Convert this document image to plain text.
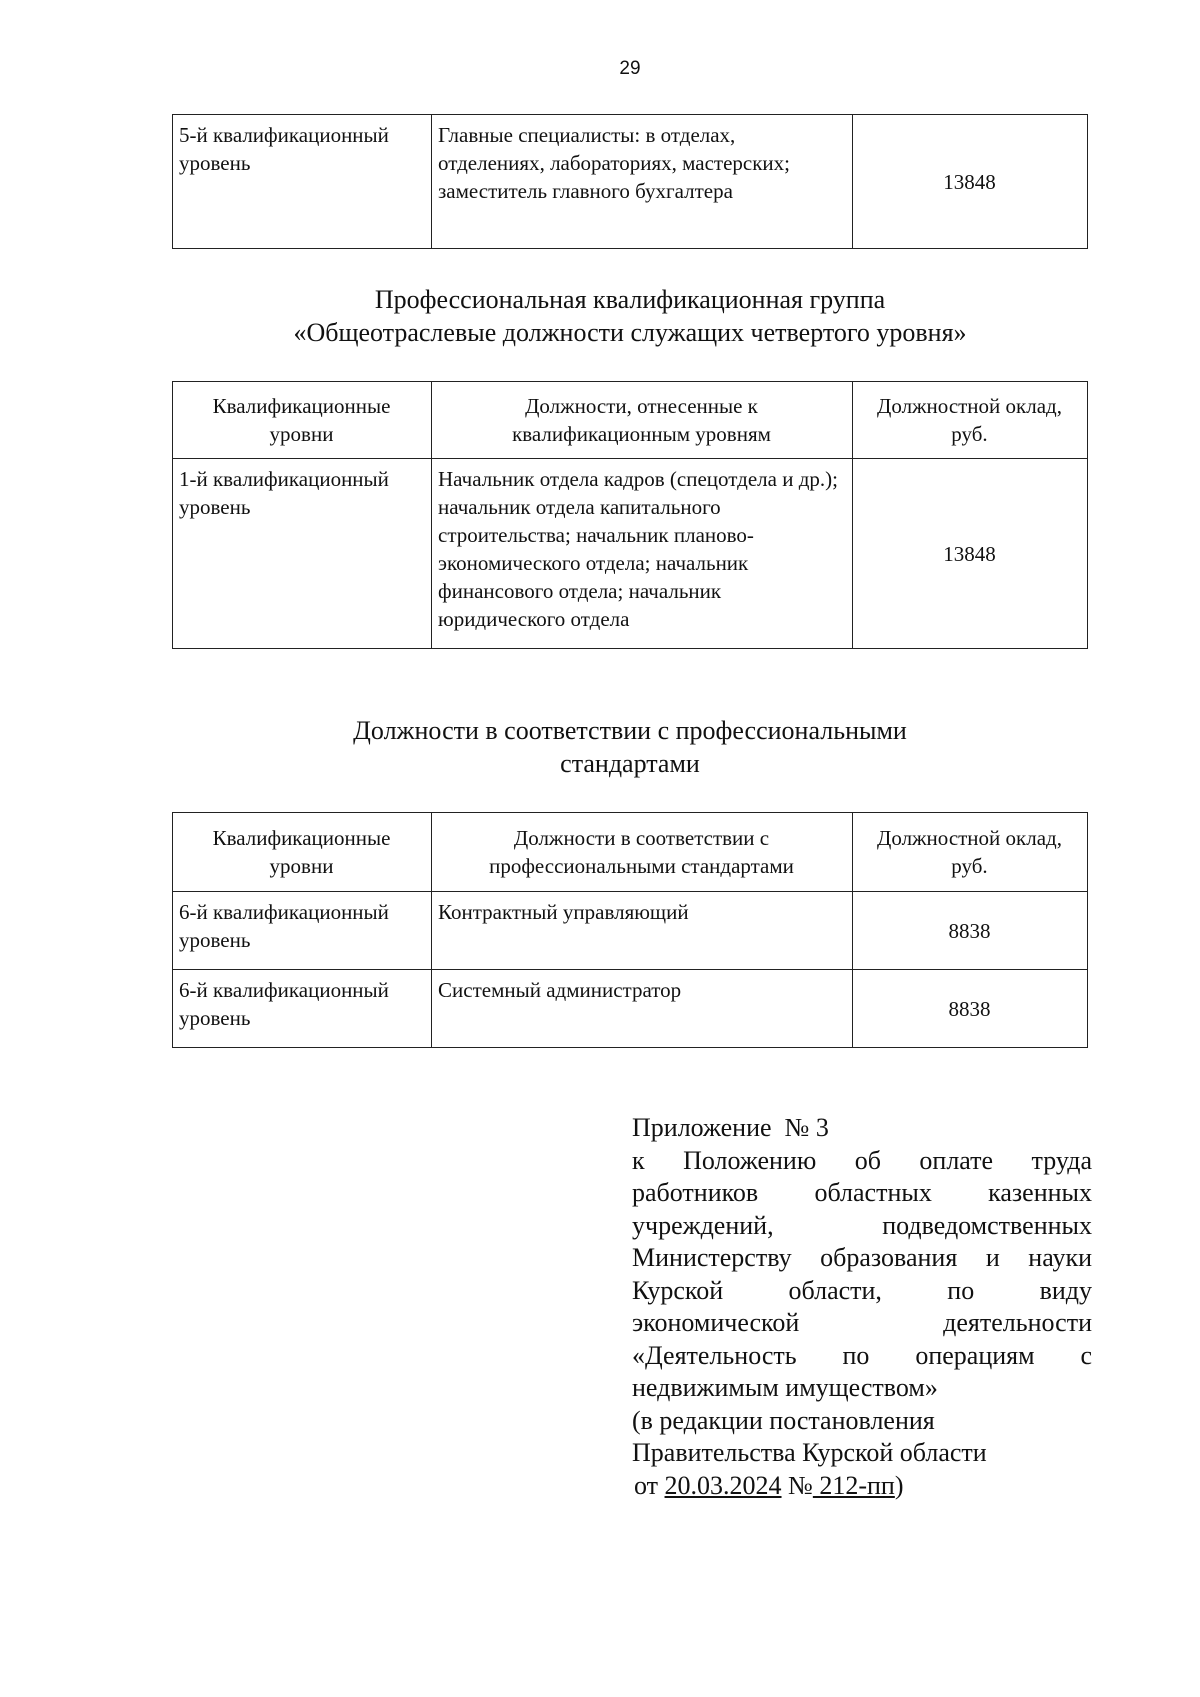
29
5-й квалификационный уровень	Главные специалисты: в отделах, отделениях, лабораториях, мастерских; заместитель главного бухгалтера	13848
Профессиональная квалификационная группа
«Общеотраслевые должности служащих четвертого уровня»
Квалификационные уровни	Должности, отнесенные к квалификационным уровням	Должностной оклад, руб.
1-й квалификационный уровень	Начальник отдела кадров (спецотдела и др.); начальник отдела капитального строительства; начальник планово-экономического отдела; начальник финансового отдела; начальник юридического отдела	13848
Должности в соответствии с профессиональными
стандартами
Квалификационные уровни	Должности в соответствии с профессиональными стандартами	Должностной оклад, руб.
6-й квалификационный уровень	Контрактный управляющий	8838
6-й квалификационный уровень	Системный администратор	8838
Приложение  № 3
к Положению об оплате труда
работников областных казенных
учреждений, подведомственных
Министерству образования и науки
Курской области, по виду
экономической деятельности
«Деятельность по операциям с
недвижимым имуществом»
(в редакции постановления
Правительства Курской области
от 20.03.2024 № 212-пп)
